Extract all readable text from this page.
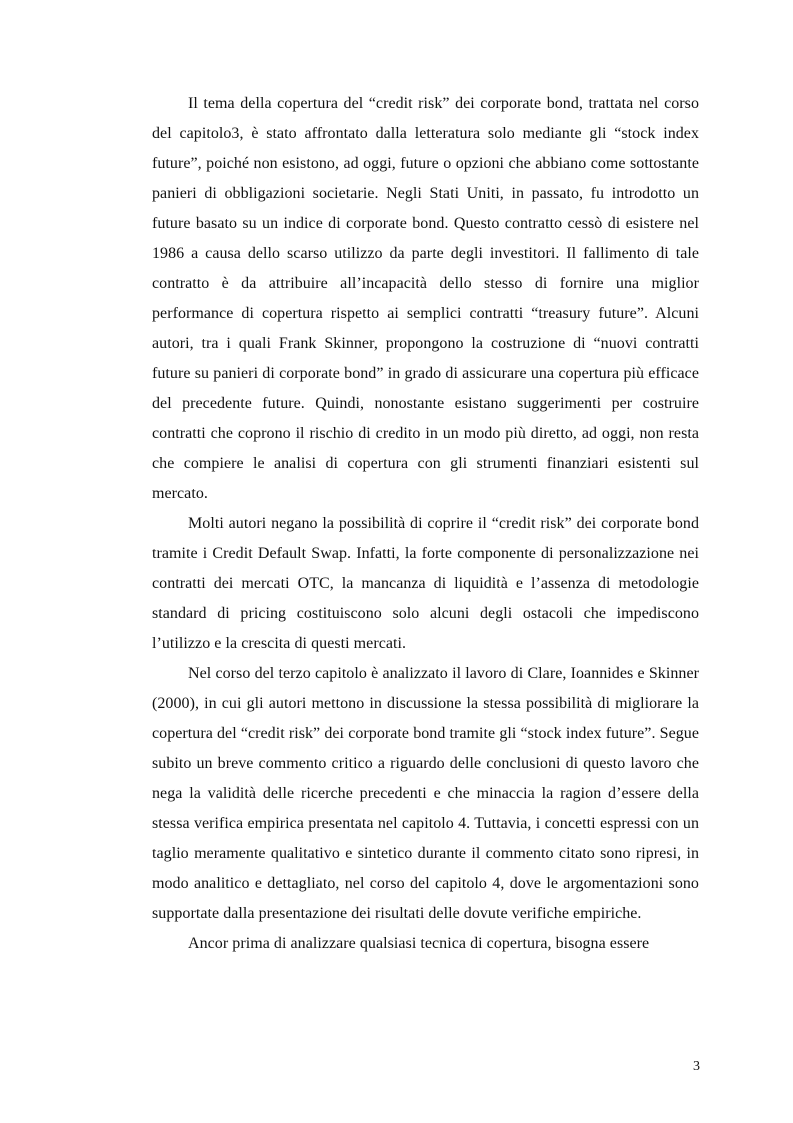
Il tema della copertura del “credit risk” dei corporate bond, trattata nel corso del capitolo3, è stato affrontato dalla letteratura solo mediante gli “stock index future”, poiché non esistono, ad oggi, future o opzioni che abbiano come sottostante panieri di obbligazioni societarie. Negli Stati Uniti, in passato, fu introdotto un future basato su un indice di corporate bond. Questo contratto cessò di esistere nel 1986 a causa dello scarso utilizzo da parte degli investitori. Il fallimento di tale contratto è da attribuire all’incapacità dello stesso di fornire una miglior performance di copertura rispetto ai semplici contratti “treasury future”. Alcuni autori, tra i quali Frank Skinner, propongono la costruzione di “nuovi contratti future su panieri di corporate bond” in grado di assicurare una copertura più efficace del precedente future. Quindi, nonostante esistano suggerimenti per costruire contratti che coprono il rischio di credito in un modo più diretto, ad oggi, non resta che compiere le analisi di copertura con gli strumenti finanziari esistenti sul mercato.

Molti autori negano la possibilità di coprire il “credit risk” dei corporate bond tramite i Credit Default Swap. Infatti, la forte componente di personalizzazione nei contratti dei mercati OTC, la mancanza di liquidità e l’assenza di metodologie standard di pricing costituiscono solo alcuni degli ostacoli che impediscono l’utilizzo e la crescita di questi mercati.

Nel corso del terzo capitolo è analizzato il lavoro di Clare, Ioannides e Skinner (2000), in cui gli autori mettono in discussione la stessa possibilità di migliorare la copertura del “credit risk” dei corporate bond tramite gli “stock index future”. Segue subito un breve commento critico a riguardo delle conclusioni di questo lavoro che nega la validità delle ricerche precedenti e che minaccia la ragion d’essere della stessa verifica empirica presentata nel capitolo 4. Tuttavia, i concetti espressi con un taglio meramente qualitativo e sintetico durante il commento citato sono ripresi, in modo analitico e dettagliato, nel corso del capitolo 4, dove le argomentazioni sono supportate dalla presentazione dei risultati delle dovute verifiche empiriche.

Ancor prima di analizzare qualsiasi tecnica di copertura, bisogna essere

3
